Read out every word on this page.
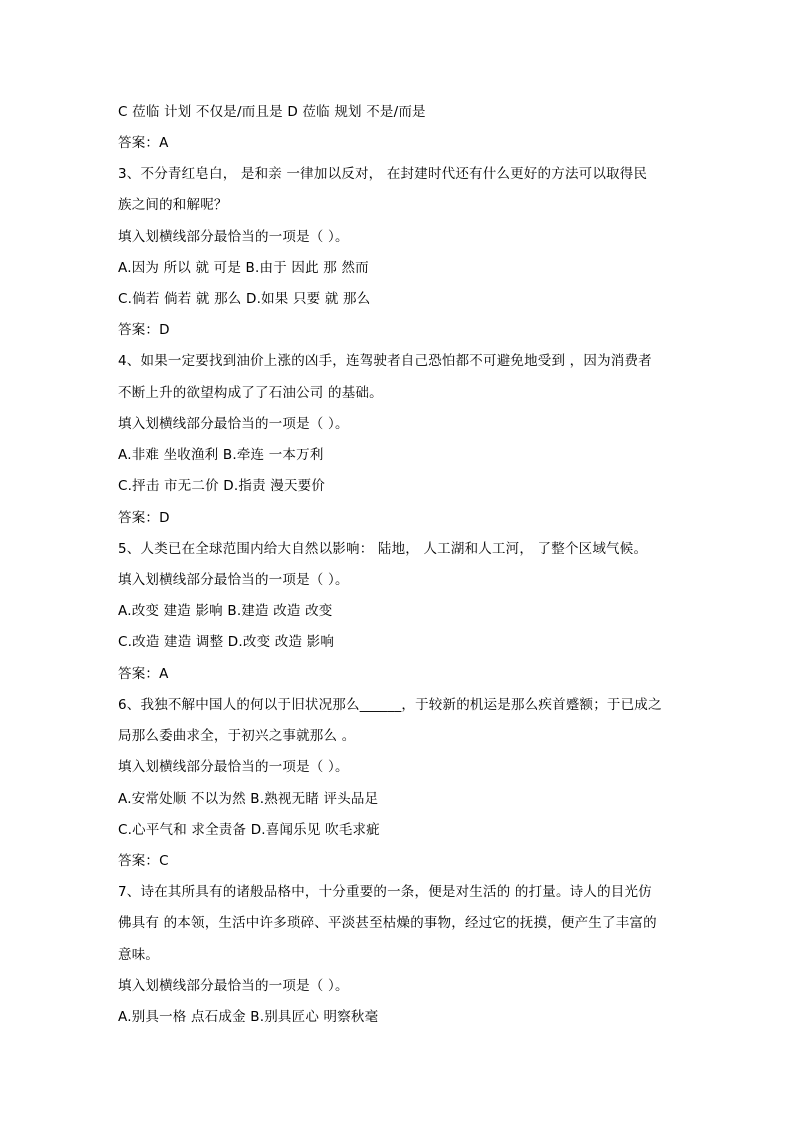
C 莅临 计划 不仅是/而且是 D 莅临 规划 不是/而是
答案：A
3、不分青红皂白， 是和亲 一律加以反对， 在封建时代还有什么更好的方法可以取得民
族之间的和解呢？
填入划横线部分最恰当的一项是（ ）。
A.因为 所以 就 可是 B.由于 因此 那 然而
C.倘若 倘若 就 那么 D.如果 只要 就 那么
答案：D
4、如果一定要找到油价上涨的凶手，连驾驶者自己恐怕都不可避免地受到 ，因为消费者
不断上升的欲望构成了了石油公司 的基础。
填入划横线部分最恰当的一项是（ ）。
A.非难 坐收渔利 B.牵连 一本万利
C.抨击 市无二价 D.指责 漫天要价
答案：D
5、人类已在全球范围内给大自然以影响： 陆地， 人工湖和人工河， 了整个区域气候。
填入划横线部分最恰当的一项是（ ）。
A.改变 建造 影响 B.建造 改造 改变
C.改造 建造 调整 D.改变 改造 影响
答案：A
6、我独不解中国人的何以于旧状况那么______，于较新的机运是那么疾首蹙额；于已成之
局那么委曲求全，于初兴之事就那么 。
填入划横线部分最恰当的一项是（ ）。
A.安常处顺 不以为然 B.熟视无睹 评头品足
C.心平气和 求全责备 D.喜闻乐见 吹毛求疵
答案：C
7、诗在其所具有的诸般品格中，十分重要的一条，便是对生活的 的打量。诗人的目光仿
佛具有 的本领，生活中许多琐碎、平淡甚至枯燥的事物，经过它的抚摸，便产生了丰富的
意味。
填入划横线部分最恰当的一项是（ ）。
A.别具一格 点石成金 B.别具匠心 明察秋毫
